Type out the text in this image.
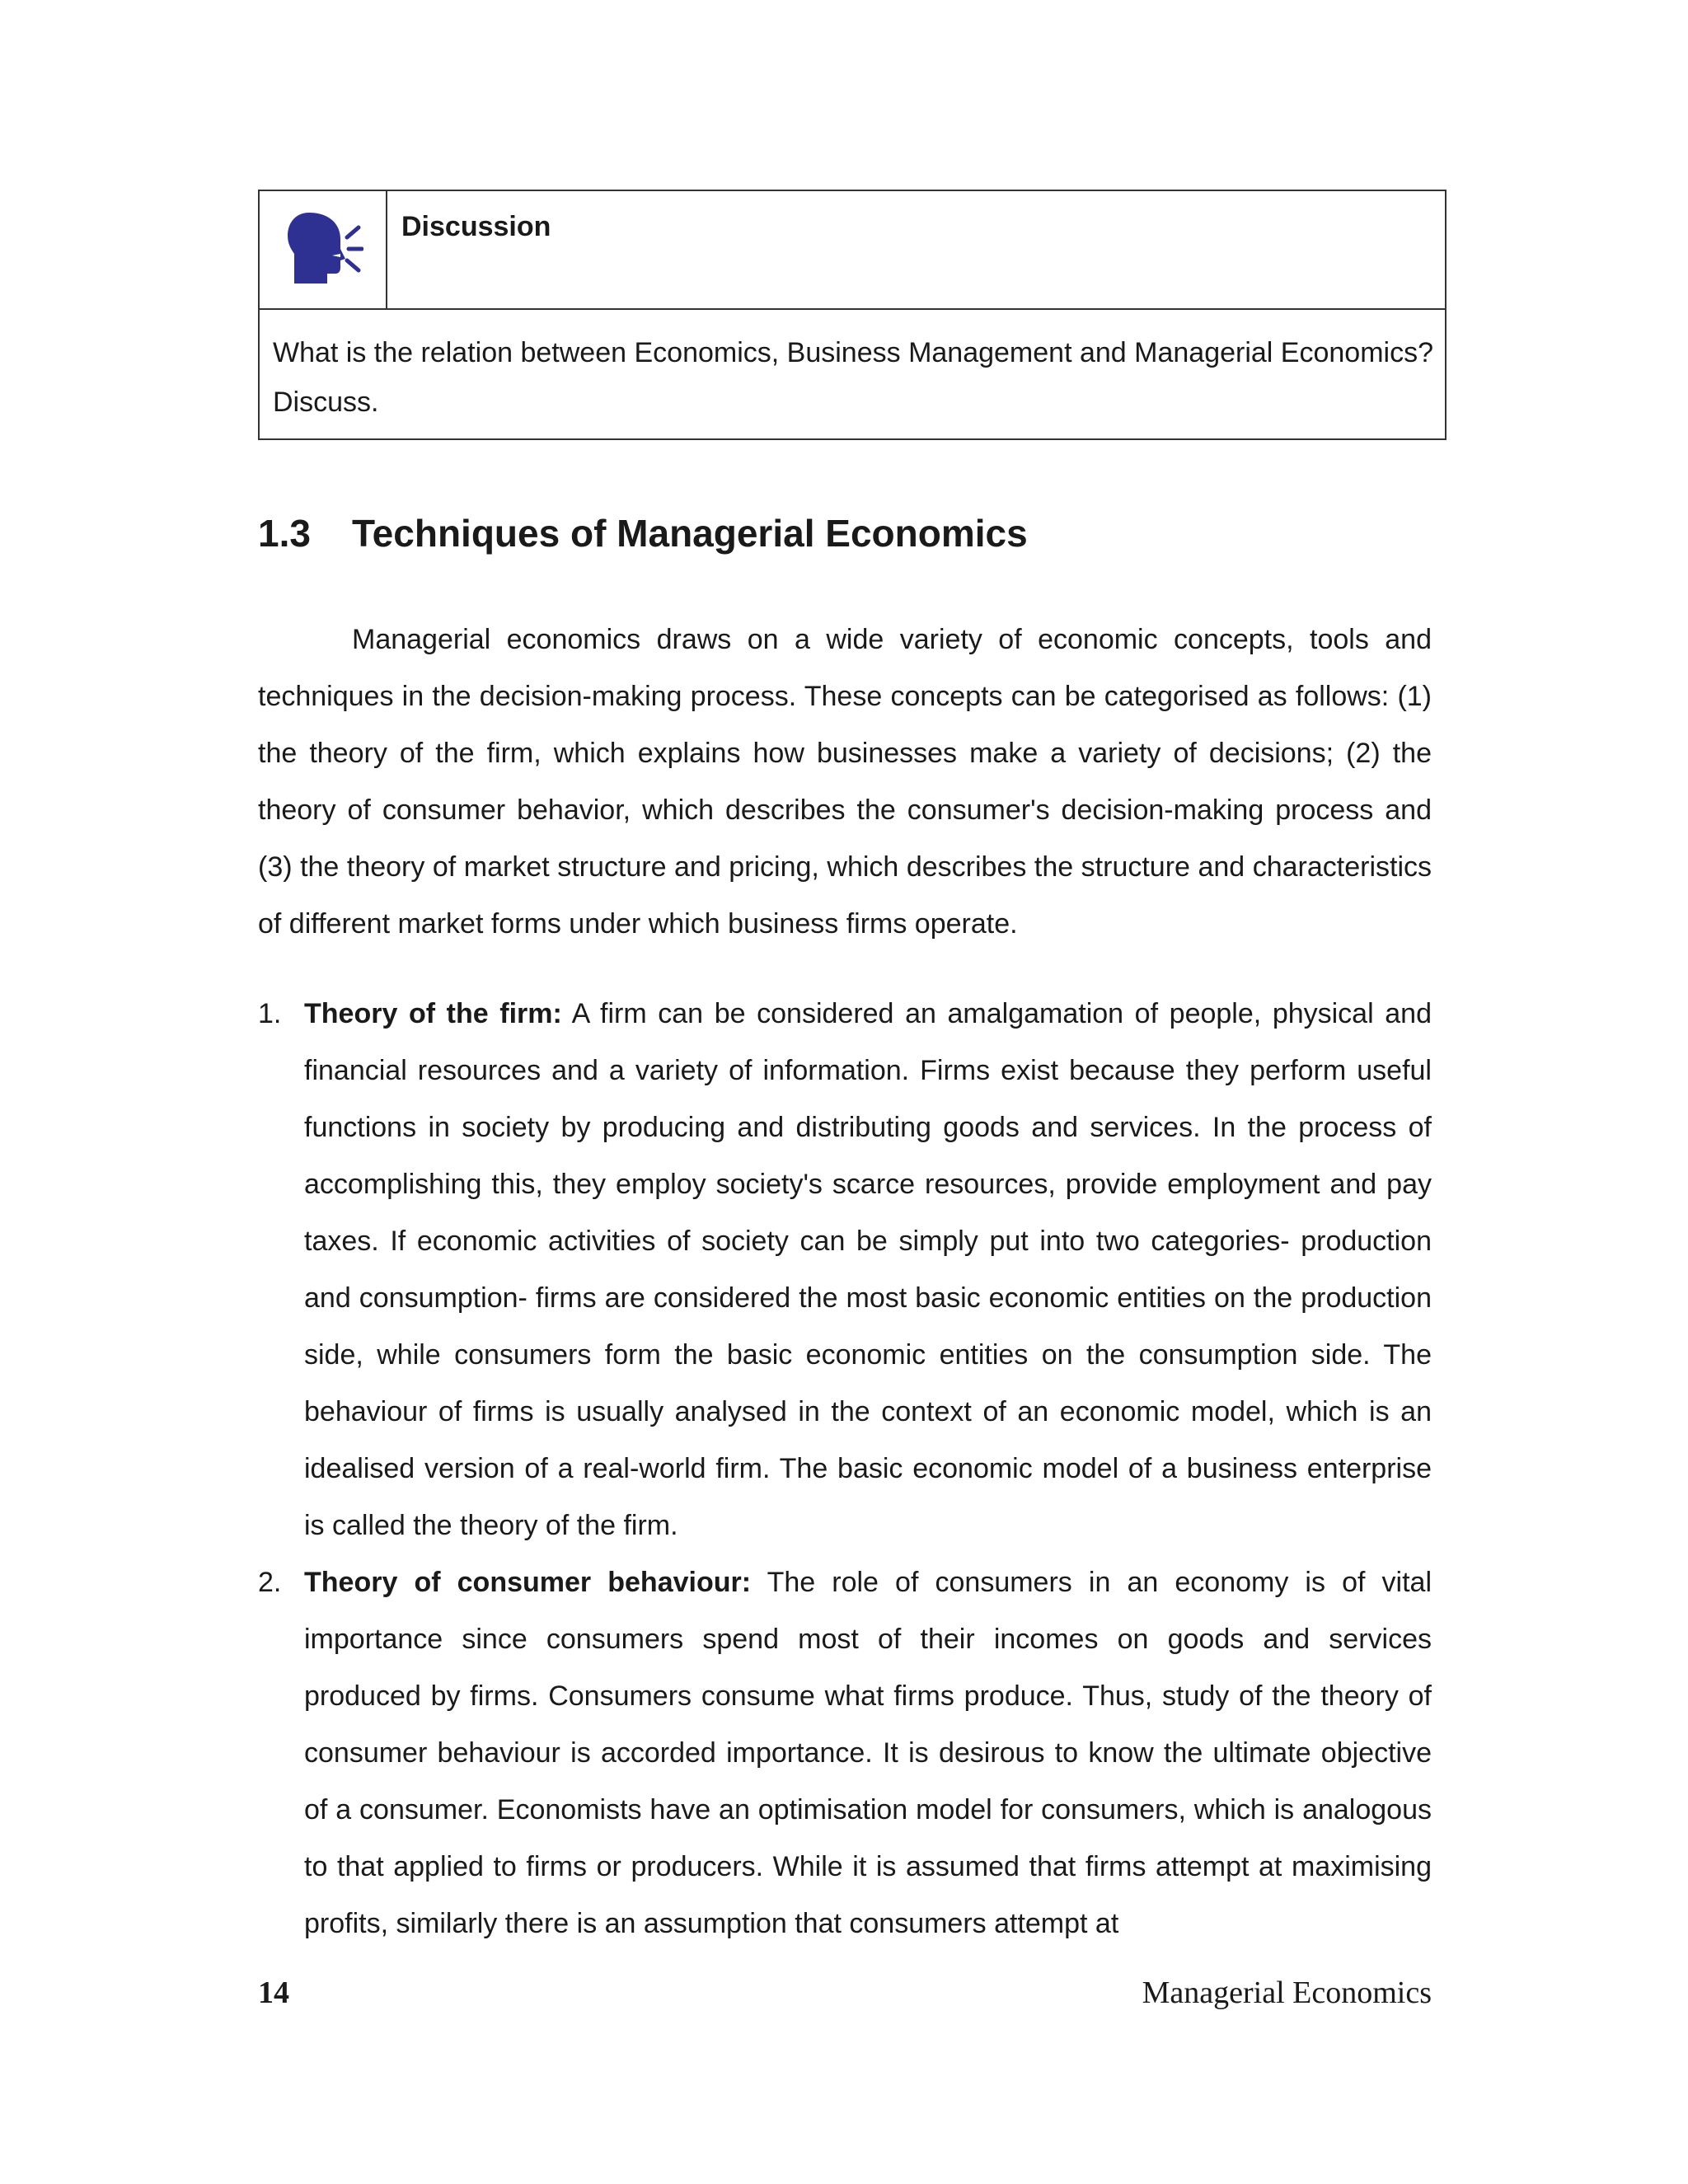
Discussion
What is the relation between Economics, Business Management and Managerial Economics? Discuss.
1.3 Techniques of Managerial Economics

Managerial economics draws on a wide variety of economic concepts, tools and techniques in the decision-making process. These concepts can be categorised as follows: (1) the theory of the firm, which explains how businesses make a variety of decisions; (2) the theory of consumer behavior, which describes the consumer's decision-making process and (3) the theory of market structure and pricing, which describes the structure and characteristics of different market forms under which business firms operate.

1. Theory of the firm: A firm can be considered an amalgamation of people, physical and financial resources and a variety of information. Firms exist because they perform useful functions in society by producing and distributing goods and services. In the process of accomplishing this, they employ society's scarce resources, provide employment and pay taxes. If economic activities of society can be simply put into two categories- production and consumption- firms are considered the most basic economic entities on the production side, while consumers form the basic economic entities on the consumption side. The behaviour of firms is usually analysed in the context of an economic model, which is an idealised version of a real-world firm. The basic economic model of a business enterprise is called the theory of the firm.
2. Theory of consumer behaviour: The role of consumers in an economy is of vital importance since consumers spend most of their incomes on goods and services produced by firms. Consumers consume what firms produce. Thus, study of the theory of consumer behaviour is accorded importance. It is desirous to know the ultimate objective of a consumer. Economists have an optimisation model for consumers, which is analogous to that applied to firms or producers. While it is assumed that firms attempt at maximising profits, similarly there is an assumption that consumers attempt at
14	Managerial Economics
